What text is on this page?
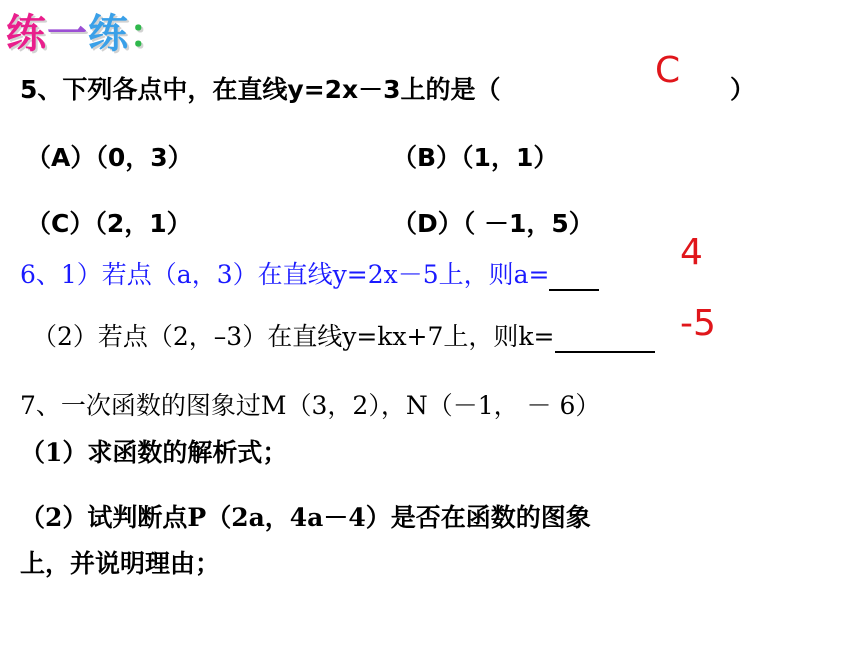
练一练：
5、下列各点中，在直线y=2x－3上的是（	C ）
（A）（0，3）	（B）（1，1）
（C）（2，1）	（D）（ －1，5）
6、1）若点（a，3）在直线y=2x－5上，则a=
4
（2）若点（2，–3）在直线y=kx+7上，则k=	-5
7、一次函数的图象过M（3，2），N（－1， － 6）
（1）求函数的解析式；
（2）试判断点P（2a，4a－4）是否在函数的图象
上，并说明理由；
